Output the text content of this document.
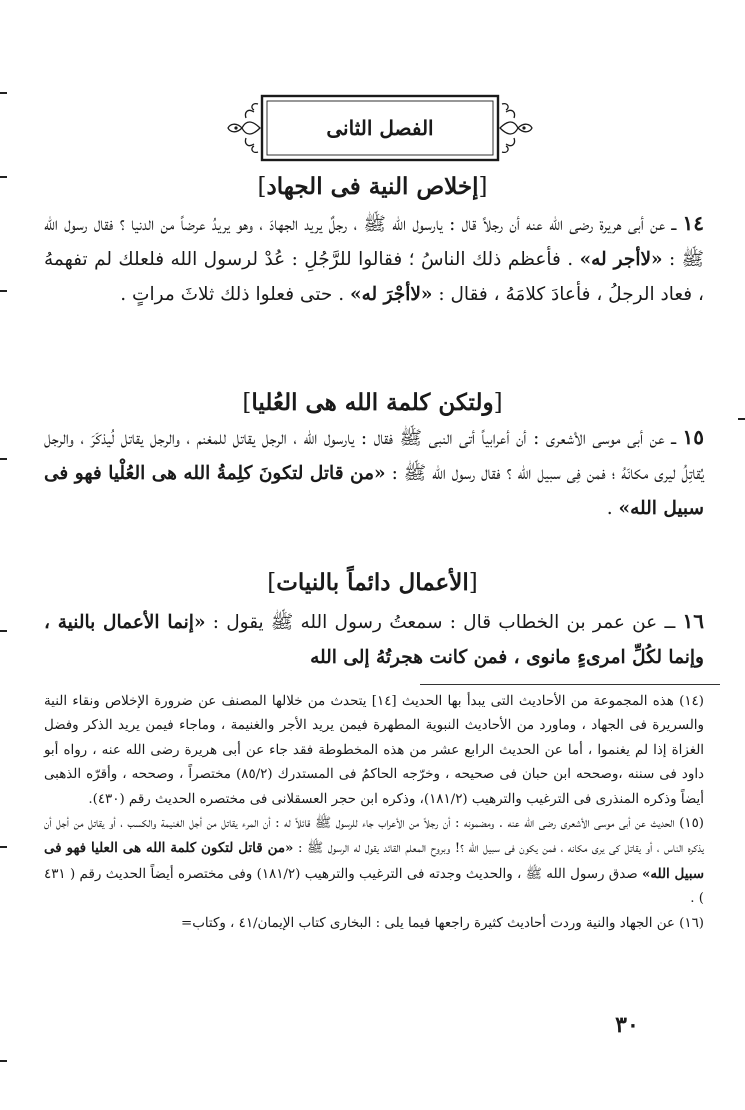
الفصل الثانى
[إخلاص النية فى الجهاد]
١٤ ــ عن أبى هريرة رضى الله عنه أن رجلاً قال : يارسول الله ﷺ ، رجلٌ يريد الجهادَ ، وهو يريدُ عرضاً من الدنيا ؟ فقال رسول الله ﷺ : «لاأجر له» . فأعظم ذلك الناسُ ؛ فقالوا للرَّجُلِ : عُدْ لرسول الله فلعلك لم تفهمهُ ، فعاد الرجلُ ، فأعادَ كلامَهُ ، فقال : «لاأجْرَ له» . حتى فعلوا ذلك ثلاثَ مراتٍ .
[ولتكن كلمة الله هى العُليا]
١٥ ــ عن أبى موسى الأشعرى : أن أعرابياً أتى النبى ﷺ فقال : يارسول الله ، الرجل يقاتل للمغنم ، والرجل يقاتل لُيذكَرَ ، والرجل يُقاتِلُ ليرى مكانَهُ ؛ فمن فِى سبيل الله ؟ فقال رسول الله ﷺ : «من قاتل لتكونَ كلِمةُ الله هى العُلْيا فهو فى سبيل الله» .
[الأعمال دائماً بالنيات]
١٦ ــ عن عمر بن الخطاب قال : سمعتُ رسول الله ﷺ يقول : «إنما الأعمال بالنية ، وإنما لكُلِّ امرىءٍ مانوى ، فمن كانت هجرتُهُ إلى الله

(١٤) هذه المجموعة من الأحاديث التى يبدأ بها الحديث [١٤] يتحدث من خلالها المصنف عن ضرورة الإخلاص ونقاء النية والسريرة فى الجهاد ، وماورد من الأحاديث النبوية المطهرة فيمن يريد الأجر والغنيمة ، وماجاء فيمن يريد الذكر وفضل الغزاة إذا لم يغنموا ، أما عن الحديث الرابع عشر من هذه المخطوطة فقد جاء عن أبى هريرة رضى الله عنه ، رواه أبو داود فى سننه ،وصححه ابن حبان فى صحيحه ، وخرّجه الحاكمُ فى المستدرك (٨٥/٢) مختصراً ، وصححه ، وأقرّه الذهبى أيضاً وذكره المنذرى فى الترغيب والترهيب (١٨١/٢)، وذكره ابن حجر العسقلانى فى مختصره الحديث رقم (٤٣٠).

(١٥) الحديث عن أبى موسى الأشعرى رضى الله عنه . ومضمونه : أن رجلاً من الأعراب جاء للرسول ﷺ قائلاً له : أن المرء يقاتل من أجل الغنيمة والكسب ، أو يقاتل من أجل أن يذكره الناس ، أو يقاتل كى يرى مكانه ، فمن يكون فى سبيل الله ؟! وبروح المعلم القائد يقول له الرسول ﷺ : «من قاتل لتكون كلمة الله هى العليا فهو فى سبيل الله» صدق رسول الله ﷺ ، والحديث وجدته فى الترغيب والترهيب (١٨١/٢) وفى مختصره أيضاً الحديث رقم ( ٤٣١ ) .

(١٦) عن الجهاد والنية وردت أحاديث كثيرة راجعها فيما يلى : البخارى كتاب الإيمان/٤١ ، وكتاب=

٣٠
